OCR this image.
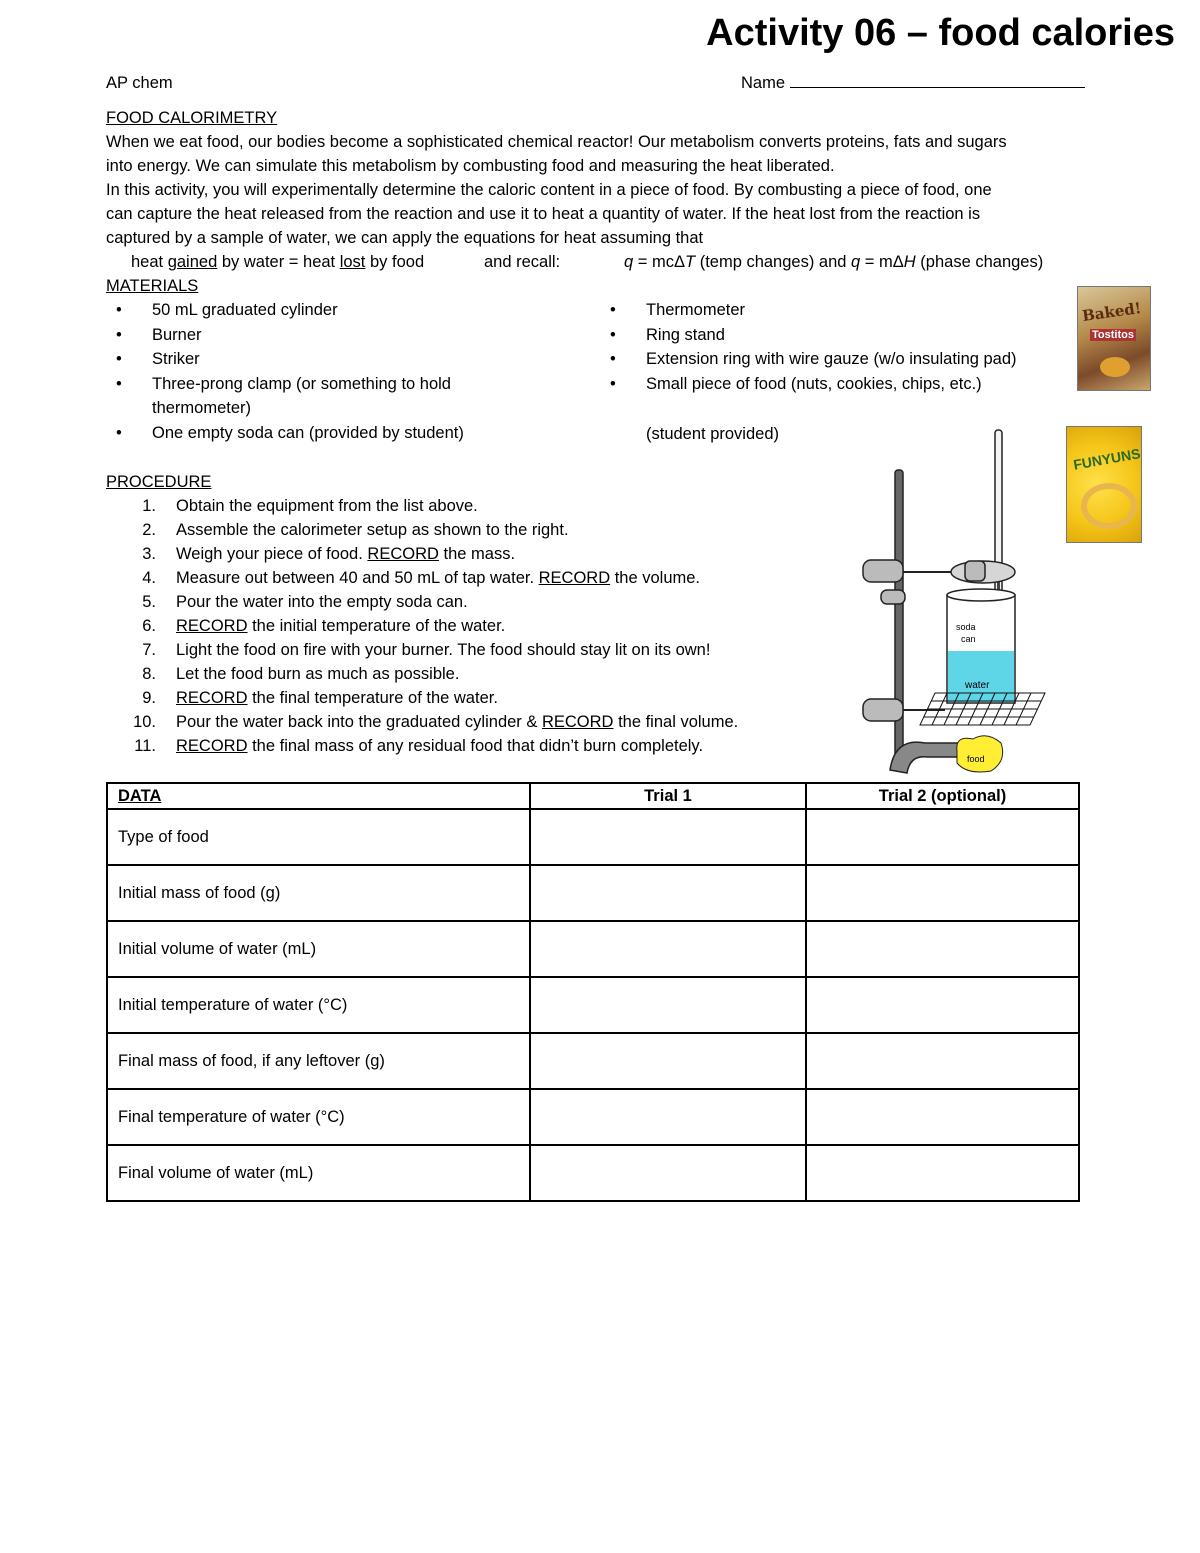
Activity 06 – food calories
AP chem	Name
FOOD CALORIMETRY
When we eat food, our bodies become a sophisticated chemical reactor! Our metabolism converts proteins, fats and sugars
into energy. We can simulate this metabolism by combusting food and measuring the heat liberated.
In this activity, you will experimentally determine the caloric content in a piece of food. By combusting a piece of food, one
can capture the heat released from the reaction and use it to heat a quantity of water. If the heat lost from the reaction is
captured by a sample of water, we can apply the equations for heat assuming that
heat gained by water = heat lost by food	and recall:	q = mcΔT (temp changes) and q = mΔH (phase changes)
MATERIALS
• 50 mL graduated cylinder
• Burner
• Striker
• Three-prong clamp (or something to hold thermometer)
• One empty soda can (provided by student)
• Thermometer
• Ring stand
• Extension ring with wire gauze (w/o insulating pad)
• Small piece of food (nuts, cookies, chips, etc.)
(student provided)
Baked!
Tostitos
FUNYUNS
PROCEDURE
1. Obtain the equipment from the list above.
2. Assemble the calorimeter setup as shown to the right.
3. Weigh your piece of food. RECORD the mass.
4. Measure out between 40 and 50 mL of tap water. RECORD the volume.
5. Pour the water into the empty soda can.
6. RECORD the initial temperature of the water.
7. Light the food on fire with your burner. The food should stay lit on its own!
8. Let the food burn as much as possible.
9. RECORD the final temperature of the water.
10. Pour the water back into the graduated cylinder & RECORD the final volume.
11. RECORD the final mass of any residual food that didn’t burn completely.
soda
can
water
food
DATA	Trial 1	Trial 2 (optional)
Type of food		
Initial mass of food (g)		
Initial volume of water (mL)		
Initial temperature of water (°C)		
Final mass of food, if any leftover (g)		
Final temperature of water (°C)		
Final volume of water (mL)		
